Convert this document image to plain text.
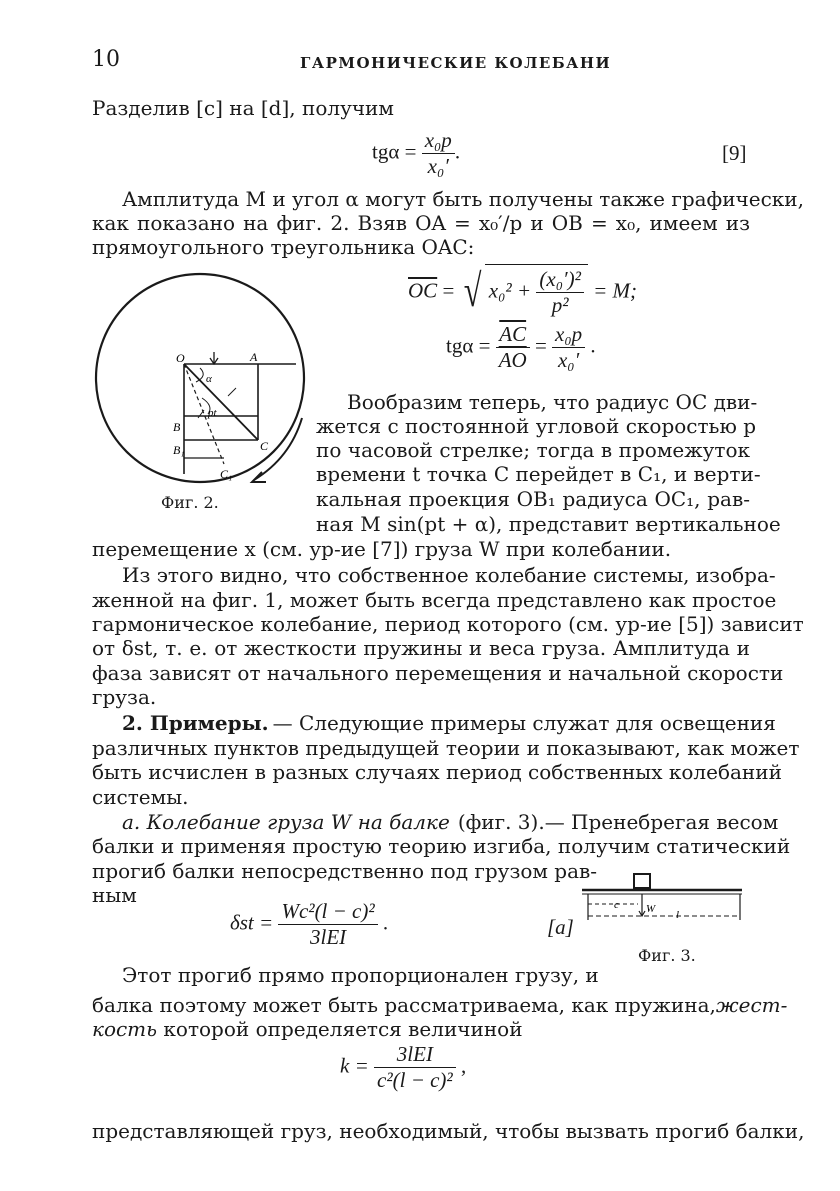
10	ГАРМОНИЧЕСКИЕ КОЛЕБАНИ
Разделив [c] на [d], получим
$tg\alpha = \frac{\text{x₀p}}{\text{x₀′}}$ .	[9]
Амплитуда M и угол α могут быть получены также графически,
как показано на фиг. 2. Взяв OA = x₀′/p и OB = x₀, имеем из
прямоугольного треугольника OAC:
$\overline{OC}$ = √ $x_0^2 + \frac{\text{(x₀′)²}}{\text{p²}} = M$;
$tg\alpha = \frac{\overline{AC}}{AO} = \frac{\text{x₀p}}{\text{x₀′}}$ .
O	A
α
pt
B
B₁	C
C₁
Фиг. 2.
Вообразим теперь, что радиус OC дви-
жется с постоянной угловой скоростью p
по часовой стрелке; тогда в промежуток
времени t точка C перейдет в C₁, и верти-
кальная проекция OB₁ радиуса OC₁, рав-
ная M sin(pt + α), представит вертикальное
перемещение x (см. ур-ие [7]) груза W при колебании.
Из этого видно, что собственное колебание системы, изобра-
женной на фиг. 1, может быть всегда представлено как простое
гармоническое колебание, период которого (см. ур-ие [5]) зависит
от δst, т. е. от жесткости пружины и веса груза. Амплитуда и
фаза зависят от начального перемещения и начальной скорости
груза.
2. Примеры. — Следующие примеры служат для освещения
различных пунктов предыдущей теории и показывают, как может
быть исчислен в разных случаях период собственных колебаний
системы.
a. Колебание груза W на балке (фиг. 3).— Пренебрегая весом
балки и применяя простую теорию изгиба, получим статический
прогиб балки непосредственно под грузом рав-
ным
$\delta st = \frac{\text{Wc²(l − c)²}}{\text{3lEI}}$ .	[a]
c W l
Фиг. 3.
Этот прогиб прямо пропорционален грузу, и
балка поэтому может быть рассматриваема, как пружина, жест-
кость которой определяется величиной
$k = \frac{\text{3lEI}}{\text{c²(l − c)²}}$ ,
представляющей груз, необходимый, чтобы вызвать прогиб балки,
